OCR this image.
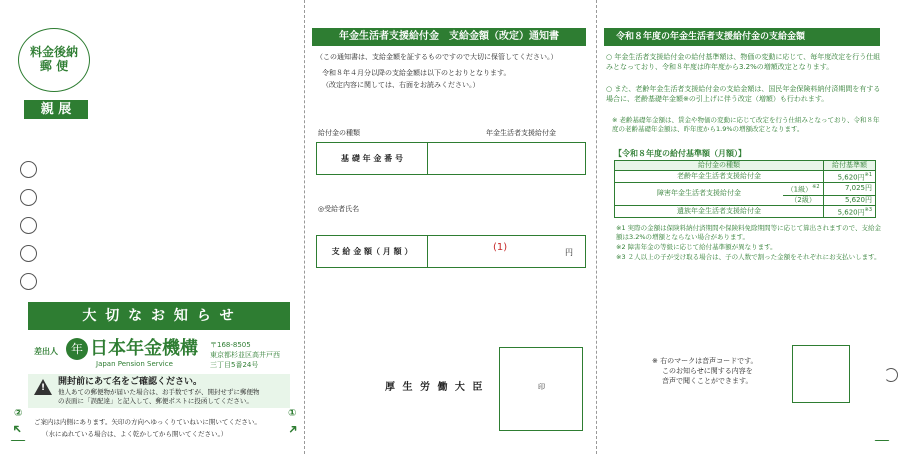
料金後納
郵 便
親 展
大 切 な お 知 ら せ
差出人	年 日本年金機構
Japan Pension Service
〒168-8505
東京都杉並区高井戸西
三丁目5番24号
!
開封前にあて名をご確認ください。
他人あての郵便物が届いた場合は、お手数ですが、開封せずに郵便物
の表面に「誤配達」と記入して、郵便ポストに投函してください。
②	①
➜	➜
ご案内は内側にあります。矢印の方向へゆっくりていねいに開いてください。
（水にぬれている場合は、よく乾かしてから開いてください。）
年金生活者支援給付金　支給金額（改定）通知書
（この通知書は、支給金額を証するものですので大切に保管してください。）
令和８年４月分以降の支給金額は以下のとおりとなります。
（改定内容に関しては、右面をお読みください。）
給付金の種類	年金生活者支援給付金
基 礎 年 金 番 号
◎受給者氏名
支 給 金 額（ 月 額 ）	(1)	円
厚 生 労 働 大 臣	印
令和８年度の年金生活者支援給付金の支給金額
○ 年金生活者支援給付金の給付基準額は、物価の変動に応じて、毎年度改定を行う仕組みとなっており、令和８年度は昨年度から3.2%の増額改定となります。
○ また、老齢年金生活者支援給付金の支給金額は、国民年金保険料納付済期間を有する場合に、老齢基礎年金額※の引上げに伴う改定（増額）も行われます。
※ 老齢基礎年金額は、賃金や物価の変動に応じて改定を行う仕組みとなっており、令和８年度の老齢基礎年金額は、昨年度から1.9%の増額改定となります。
【令和８年度の給付基準額（月額）】
給付金の種類		給付基準額
老齢年金生活者支援給付金		5,620円$^{※1}$
障害年金生活者支援給付金	（1級）$^{※2}$	7,025円
	（2級）	5,620円
遺族年金生活者支援給付金		5,620円$^{※3}$
※1 実際の金額は保険料納付済期間や保険料免除期間等に応じて算出されますので、支給金額は3.2%の増額とならない場合があります。
※2 障害年金の等級に応じて給付基準額が異なります。
※3 ２人以上の子が受け取る場合は、子の人数で割った金額をそれぞれにお支払いします。
※ 右のマークは音声コードです。
このお知らせに関する内容を
音声で聞くことができます。
